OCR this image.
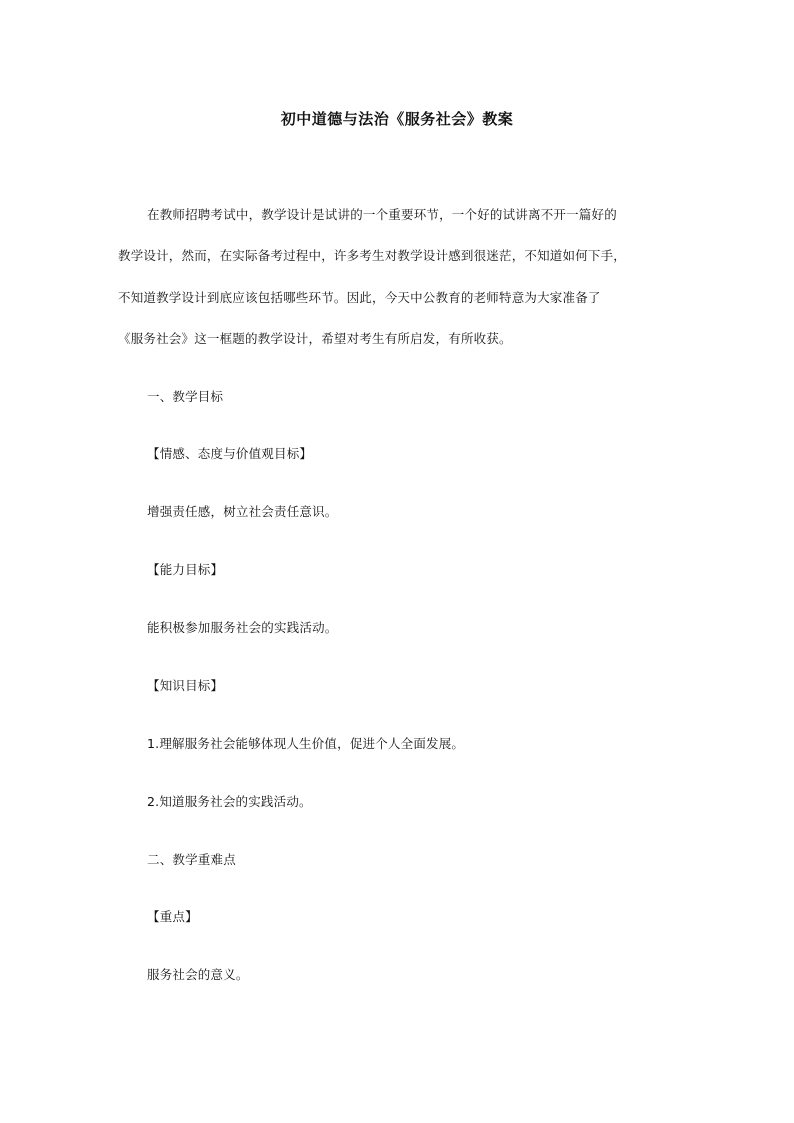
初中道德与法治《服务社会》教案
在教师招聘考试中，教学设计是试讲的一个重要环节，一个好的试讲离不开一篇好的
教学设计，然而，在实际备考过程中，许多考生对教学设计感到很迷茫，不知道如何下手，
不知道教学设计到底应该包括哪些环节。因此，今天中公教育的老师特意为大家准备了
《服务社会》这一框题的教学设计，希望对考生有所启发，有所收获。
一、教学目标
【情感、态度与价值观目标】
增强责任感，树立社会责任意识。
【能力目标】
能积极参加服务社会的实践活动。
【知识目标】
1.理解服务社会能够体现人生价值，促进个人全面发展。
2.知道服务社会的实践活动。
二、教学重难点
【重点】
服务社会的意义。
